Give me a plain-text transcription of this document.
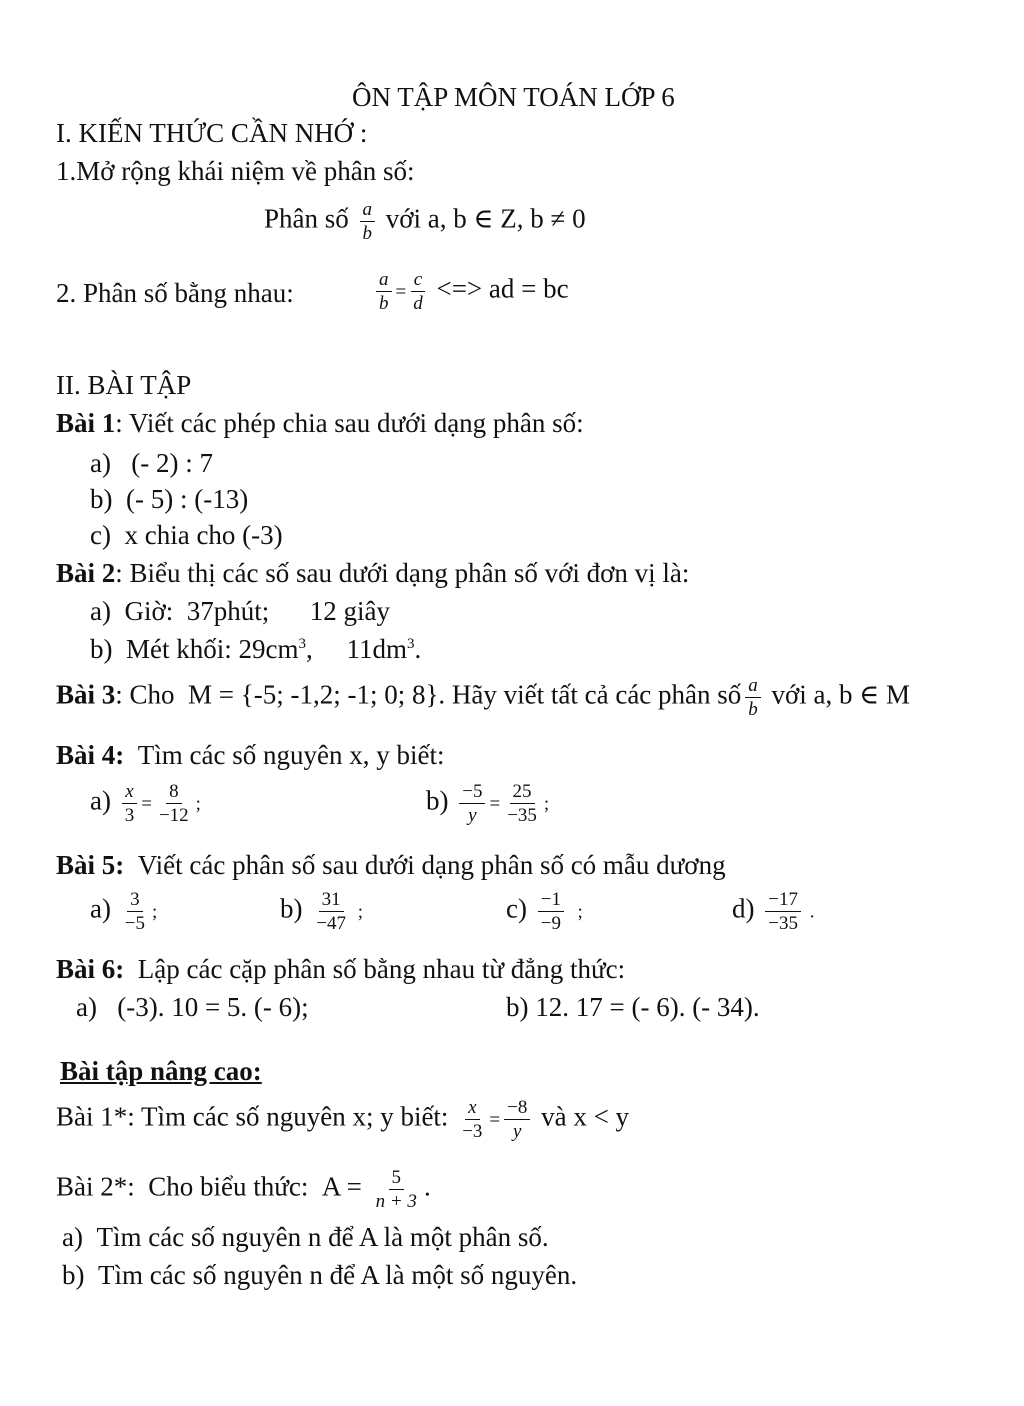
ÔN TẬP MÔN TOÁN LỚP 6
I. KIẾN THỨC CẦN NHỚ :
1.Mở rộng khái niệm về phân số:
Phân số $\frac{a}{b}$ với a, b ∈ Z, b ≠ 0
2. Phân số bằng nhau:	$\frac{a}{b} = \frac{c}{d}$ <=> ad = bc
II. BÀI TẬP
Bài 1: Viết các phép chia sau dưới dạng phân số:
a)  (- 2) : 7
b) (- 5) : (-13)
c) x chia cho (-3)
Bài 2: Biểu thị các số sau dưới dạng phân số với đơn vị là:
a) Giờ: 37phút;  12 giây
b) Mét khối: $29cm^3$,  $11dm^3$.
Bài 3: Cho M = {-5; -1,2; -1; 0; 8}. Hãy viết tất cả các phân số $\frac{a}{b}$ với a, b ∈ M
Bài 4: Tìm các số nguyên x, y biết:
$a) \frac{x}{3} = \frac{8}{-12}$ ;	$b) \frac{-5}{y} = \frac{25}{-35}$ ;
Bài 5: Viết các phân số sau dưới dạng phân số có mẫu dương
$a) \frac{3}{-5}$ ;	$b) \frac{31}{-47}$ ;	$c) \frac{-1}{-9}$ ;	$d) \frac{-17}{-35}$ .
Bài 6: Lập các cặp phân số bằng nhau từ đẳng thức:
a)  (-3). 10 = 5. (- 6);	b) 12. 17 = (- 6). (- 34).
Bài tập nâng cao:
Bài 1*: Tìm các số nguyên x; y biết: $\frac{x}{-3} = \frac{-8}{y}$ và x < y
Bài 2*: Cho biểu thức: $A = \frac{5}{n + 3}$ .
a) Tìm các số nguyên n để A là một phân số.
b) Tìm các số nguyên n để A là một số nguyên.
